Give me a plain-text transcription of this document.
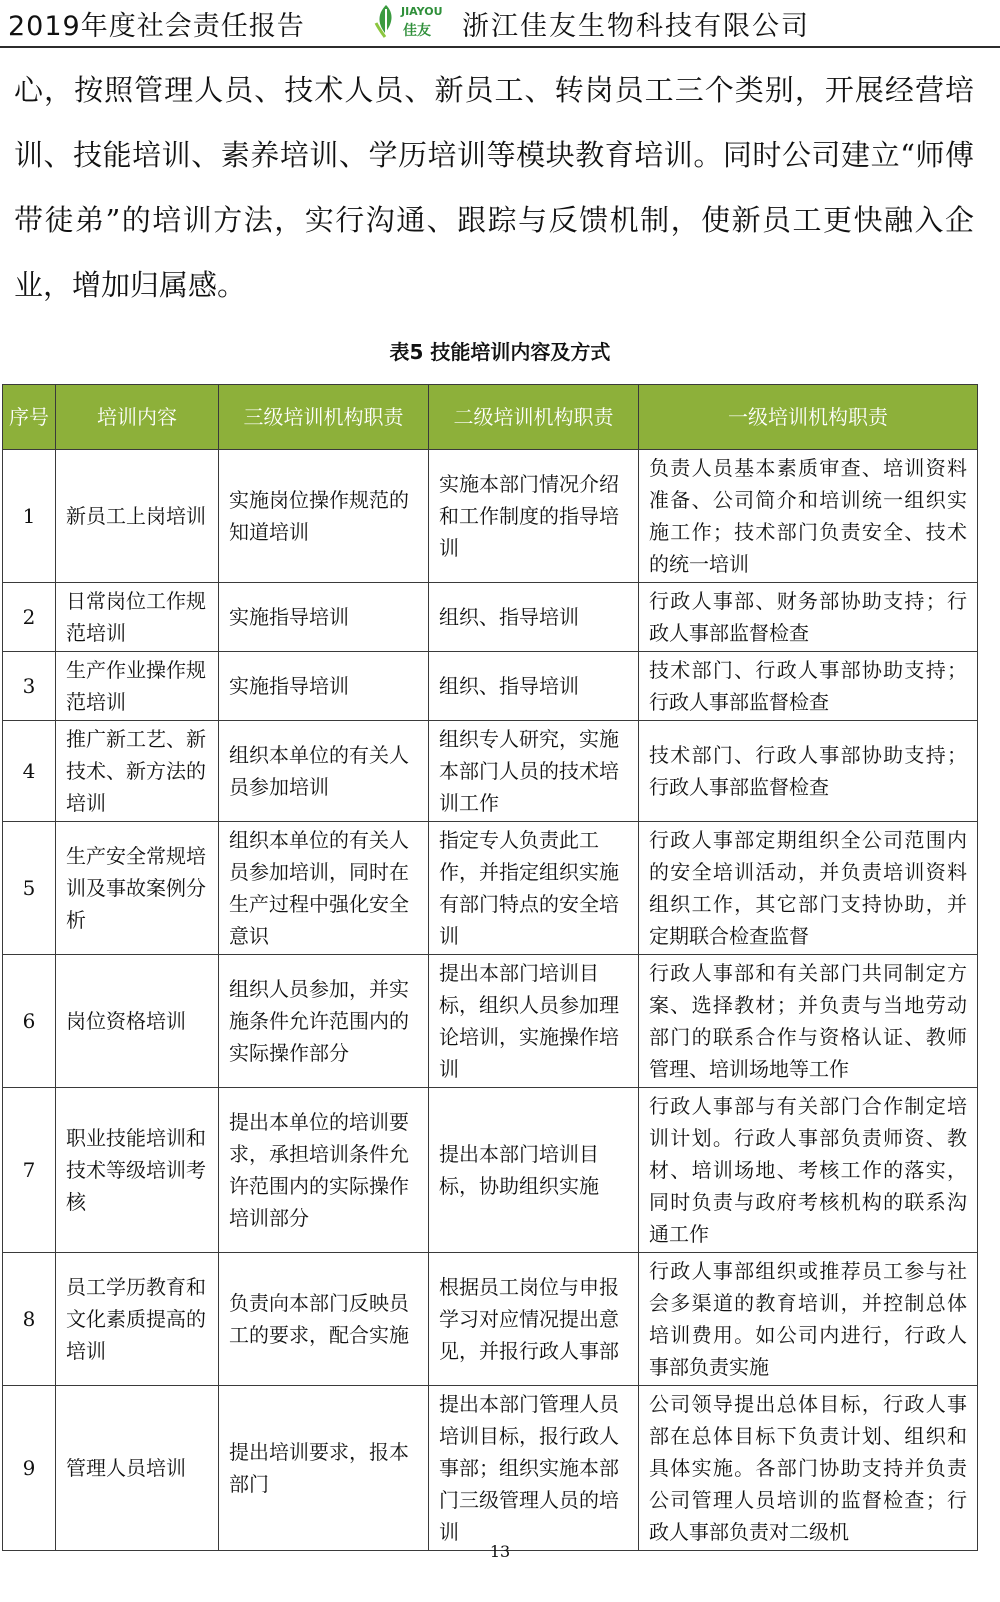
2019年度社会责任报告	JIAYOU
佳友 浙江佳友生物科技有限公司

心，按照管理人员、技术人员、新员工、转岗员工三个类别，开展经营培训、技能培训、素养培训、学历培训等模块教育培训。同时公司建立“师傅带徒弟”的培训方法，实行沟通、跟踪与反馈机制，使新员工更快融入企业，增加归属感。

表5 技能培训内容及方式
序号	培训内容	三级培训机构职责	二级培训机构职责	一级培训机构职责
1	新员工上岗培训	实施岗位操作规范的知道培训	实施本部门情况介绍和工作制度的指导培训	负责人员基本素质审查、培训资料准备、公司简介和培训统一组织实施工作；技术部门负责安全、技术的统一培训
2	日常岗位工作规范培训	实施指导培训	组织、指导培训	行政人事部、财务部协助支持；行政人事部监督检查
3	生产作业操作规范培训	实施指导培训	组织、指导培训	技术部门、行政人事部协助支持；行政人事部监督检查
4	推广新工艺、新技术、新方法的培训	组织本单位的有关人员参加培训	组织专人研究，实施本部门人员的技术培训工作	技术部门、行政人事部协助支持；行政人事部监督检查
5	生产安全常规培训及事故案例分析	组织本单位的有关人员参加培训，同时在生产过程中强化安全意识	指定专人负责此工作，并指定组织实施有部门特点的安全培训	行政人事部定期组织全公司范围内的安全培训活动，并负责培训资料组织工作，其它部门支持协助，并定期联合检查监督
6	岗位资格培训	组织人员参加，并实施条件允许范围内的实际操作部分	提出本部门培训目标，组织人员参加理论培训，实施操作培训	行政人事部和有关部门共同制定方案、选择教材；并负责与当地劳动部门的联系合作与资格认证、教师管理、培训场地等工作
7	职业技能培训和技术等级培训考核	提出本单位的培训要求，承担培训条件允许范围内的实际操作培训部分	提出本部门培训目标，协助组织实施	行政人事部与有关部门合作制定培训计划。行政人事部负责师资、教材、培训场地、考核工作的落实，同时负责与政府考核机构的联系沟通工作
8	员工学历教育和文化素质提高的培训	负责向本部门反映员工的要求，配合实施	根据员工岗位与申报学习对应情况提出意见，并报行政人事部	行政人事部组织或推荐员工参与社会多渠道的教育培训，并控制总体培训费用。如公司内进行，行政人事部负责实施
9	管理人员培训	提出培训要求，报本部门	提出本部门管理人员培训目标，报行政人事部；组织实施本部门三级管理人员的培训	公司领导提出总体目标，行政人事部在总体目标下负责计划、组织和具体实施。各部门协助支持并负责公司管理人员培训的监督检查；行政人事部负责对二级机
13
